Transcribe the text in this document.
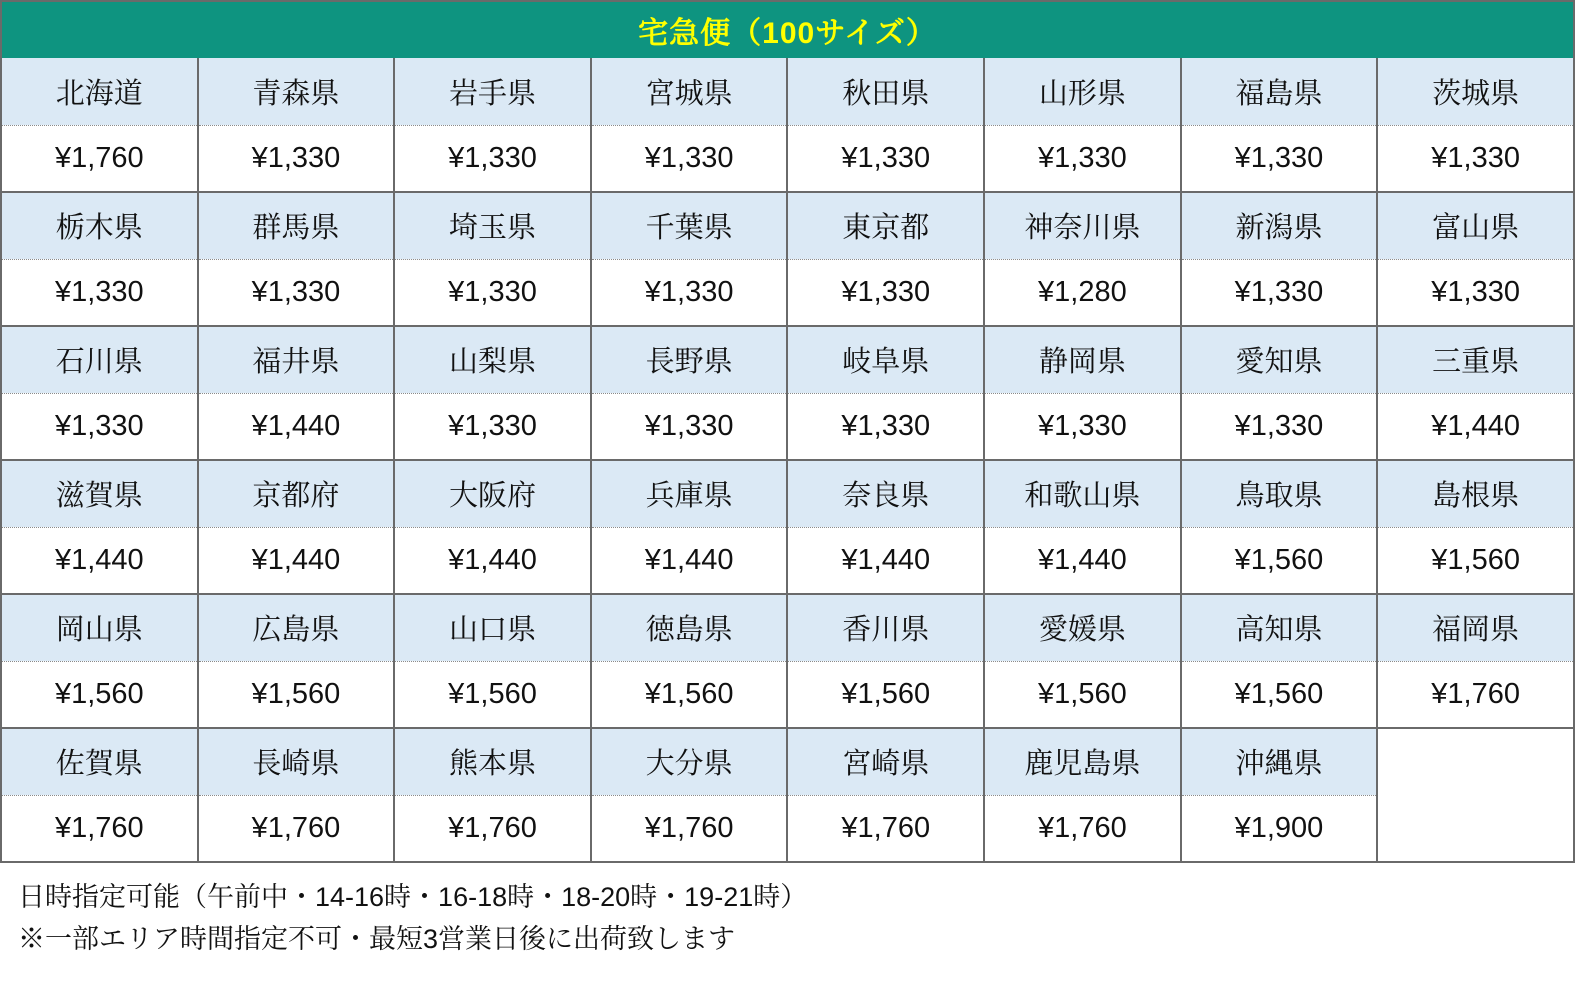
宅急便（100サイズ）
北海道	青森県	岩手県	宮城県	秋田県	山形県	福島県	茨城県
¥1,760	¥1,330	¥1,330	¥1,330	¥1,330	¥1,330	¥1,330	¥1,330
栃木県	群馬県	埼玉県	千葉県	東京都	神奈川県	新潟県	富山県
¥1,330	¥1,330	¥1,330	¥1,330	¥1,330	¥1,280	¥1,330	¥1,330
石川県	福井県	山梨県	長野県	岐阜県	静岡県	愛知県	三重県
¥1,330	¥1,440	¥1,330	¥1,330	¥1,330	¥1,330	¥1,330	¥1,440
滋賀県	京都府	大阪府	兵庫県	奈良県	和歌山県	鳥取県	島根県
¥1,440	¥1,440	¥1,440	¥1,440	¥1,440	¥1,440	¥1,560	¥1,560
岡山県	広島県	山口県	徳島県	香川県	愛媛県	高知県	福岡県
¥1,560	¥1,560	¥1,560	¥1,560	¥1,560	¥1,560	¥1,560	¥1,760
佐賀県	長崎県	熊本県	大分県	宮崎県	鹿児島県	沖縄県	
¥1,760	¥1,760	¥1,760	¥1,760	¥1,760	¥1,760	¥1,900	
日時指定可能（午前中・14-16時・16-18時・18-20時・19-21時）
※一部エリア時間指定不可・最短3営業日後に出荷致します
